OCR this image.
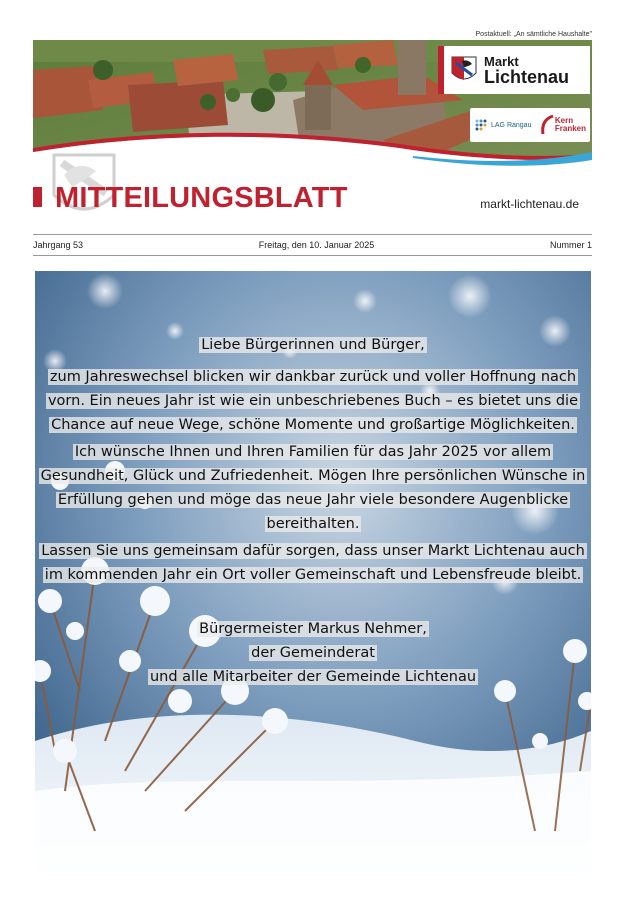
Postaktuell: „An sämtliche Haushalte"
Markt
Lichtenau
LAG Rangau	Kern
Franken
MITTEILUNGSBLATT	markt-lichtenau.de
Jahrgang 53	Freitag, den 10. Januar 2025	Nummer 1

Liebe Bürgerinnen und Bürger,

zum Jahreswechsel blicken wir dankbar zurück und voller Hoffnung nach vorn. Ein neues Jahr ist wie ein unbeschriebenes Buch – es bietet uns die Chance auf neue Wege, schöne Momente und großartige Möglichkeiten.

Ich wünsche Ihnen und Ihren Familien für das Jahr 2025 vor allem Gesundheit, Glück und Zufriedenheit. Mögen Ihre persönlichen Wünsche in Erfüllung gehen und möge das neue Jahr viele besondere Augenblicke bereithalten.

Lassen Sie uns gemeinsam dafür sorgen, dass unser Markt Lichtenau auch im kommenden Jahr ein Ort voller Gemeinschaft und Lebensfreude bleibt.

Bürgermeister Markus Nehmer,
der Gemeinderat
und alle Mitarbeiter der Gemeinde Lichtenau
